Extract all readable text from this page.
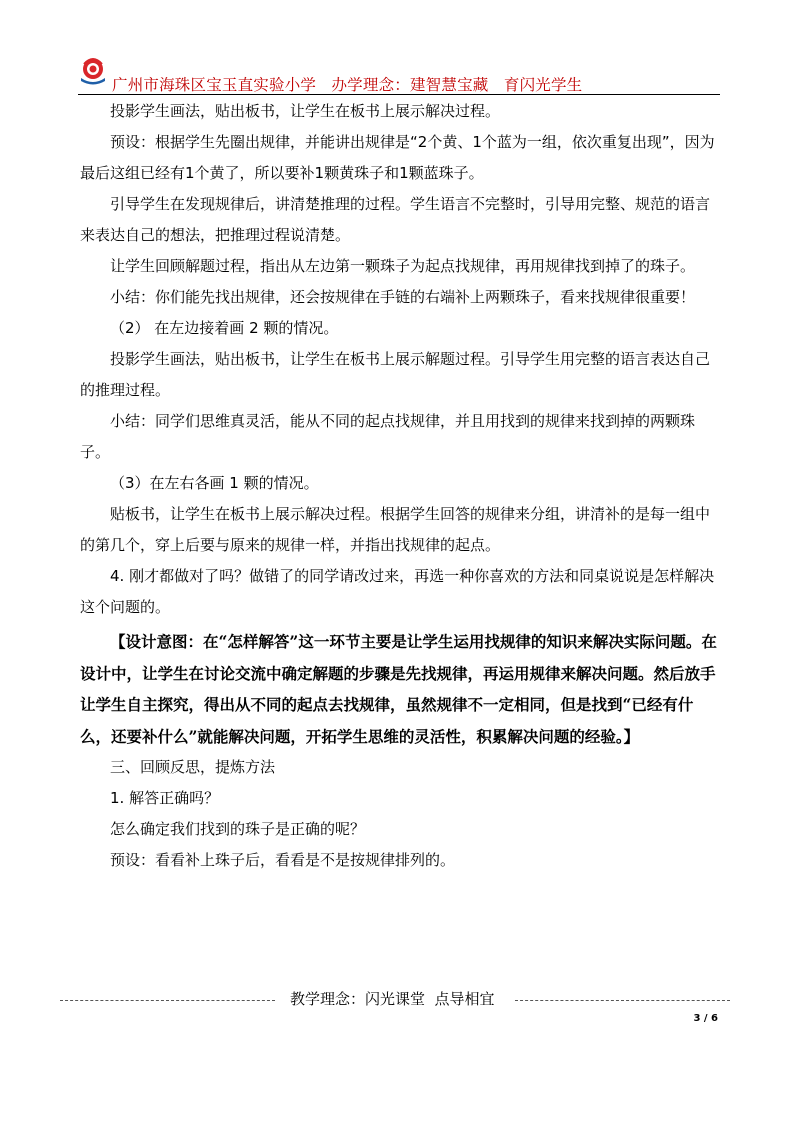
广州市海珠区宝玉直实验小学   办学理念：建智慧宝藏   育闪光学生

投影学生画法，贴出板书，让学生在板书上展示解决过程。

预设：根据学生先圈出规律，并能讲出规律是“2个黄、1个蓝为一组，依次重复出现”，因为最后这组已经有1个黄了，所以要补1颗黄珠子和1颗蓝珠子。

引导学生在发现规律后，讲清楚推理的过程。学生语言不完整时，引导用完整、规范的语言来表达自己的想法，把推理过程说清楚。

让学生回顾解题过程，指出从左边第一颗珠子为起点找规律，再用规律找到掉了的珠子。

小结：你们能先找出规律，还会按规律在手链的右端补上两颗珠子，看来找规律很重要！

（2） 在左边接着画 2 颗的情况。

投影学生画法，贴出板书，让学生在板书上展示解题过程。引导学生用完整的语言表达自己的推理过程。

小结：同学们思维真灵活，能从不同的起点找规律，并且用找到的规律来找到掉的两颗珠子。

（3）在左右各画 1 颗的情况。

贴板书，让学生在板书上展示解决过程。根据学生回答的规律来分组，讲清补的是每一组中的第几个，穿上后要与原来的规律一样，并指出找规律的起点。

4. 刚才都做对了吗？做错了的同学请改过来，再选一种你喜欢的方法和同桌说说是怎样解决这个问题的。

【设计意图：在“怎样解答”这一环节主要是让学生运用找规律的知识来解决实际问题。在设计中，让学生在讨论交流中确定解题的步骤是先找规律，再运用规律来解决问题。然后放手让学生自主探究，得出从不同的起点去找规律，虽然规律不一定相同，但是找到“已经有什么，还要补什么”就能解决问题，开拓学生思维的灵活性，积累解决问题的经验。】

三、回顾反思，提炼方法

1. 解答正确吗？

怎么确定我们找到的珠子是正确的呢？

预设：看看补上珠子后，看看是不是按规律排列的。

教学理念：闪光课堂  点导相宜
3 / 6
